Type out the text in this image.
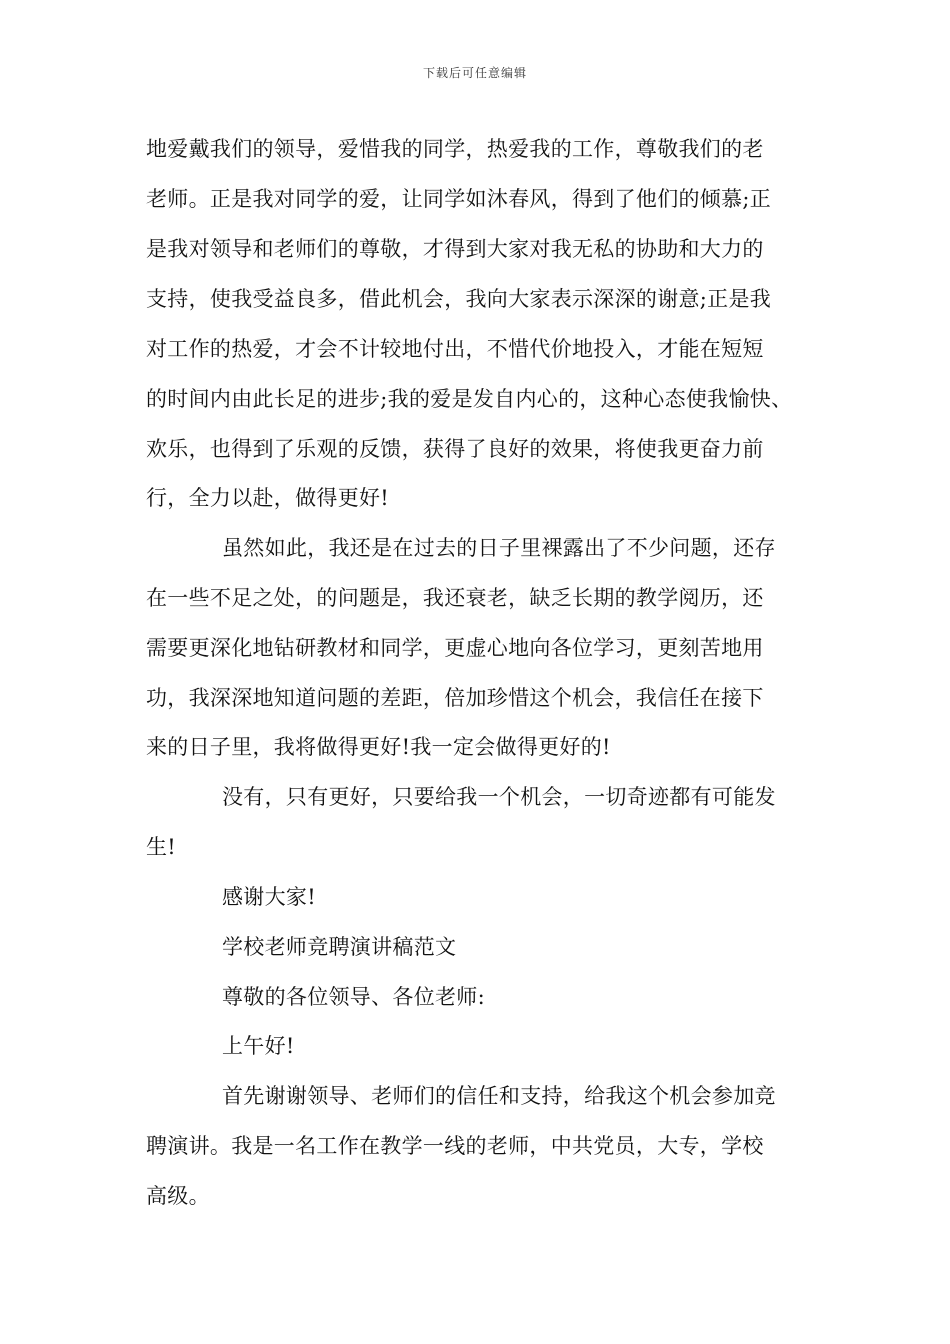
下载后可任意编辑
地爱戴我们的领导，爱惜我的同学，热爱我的工作，尊敬我们的老
老师。正是我对同学的爱，让同学如沐春风，得到了他们的倾慕;正
是我对领导和老师们的尊敬，才得到大家对我无私的协助和大力的
支持，使我受益良多，借此机会，我向大家表示深深的谢意;正是我
对工作的热爱，才会不计较地付出，不惜代价地投入，才能在短短
的时间内由此长足的进步;我的爱是发自内心的，这种心态使我愉快、
欢乐，也得到了乐观的反馈，获得了良好的效果，将使我更奋力前
行，全力以赴，做得更好!
虽然如此，我还是在过去的日子里裸露出了不少问题，还存
在一些不足之处，的问题是，我还衰老，缺乏长期的教学阅历，还
需要更深化地钻研教材和同学，更虚心地向各位学习，更刻苦地用
功，我深深地知道问题的差距，倍加珍惜这个机会，我信任在接下
来的日子里，我将做得更好!我一定会做得更好的!
没有，只有更好，只要给我一个机会，一切奇迹都有可能发
生!
感谢大家!
学校老师竞聘演讲稿范文
尊敬的各位领导、各位老师:
上午好!
首先谢谢领导、老师们的信任和支持，给我这个机会参加竞
聘演讲。我是一名工作在教学一线的老师，中共党员，大专，学校
高级。
